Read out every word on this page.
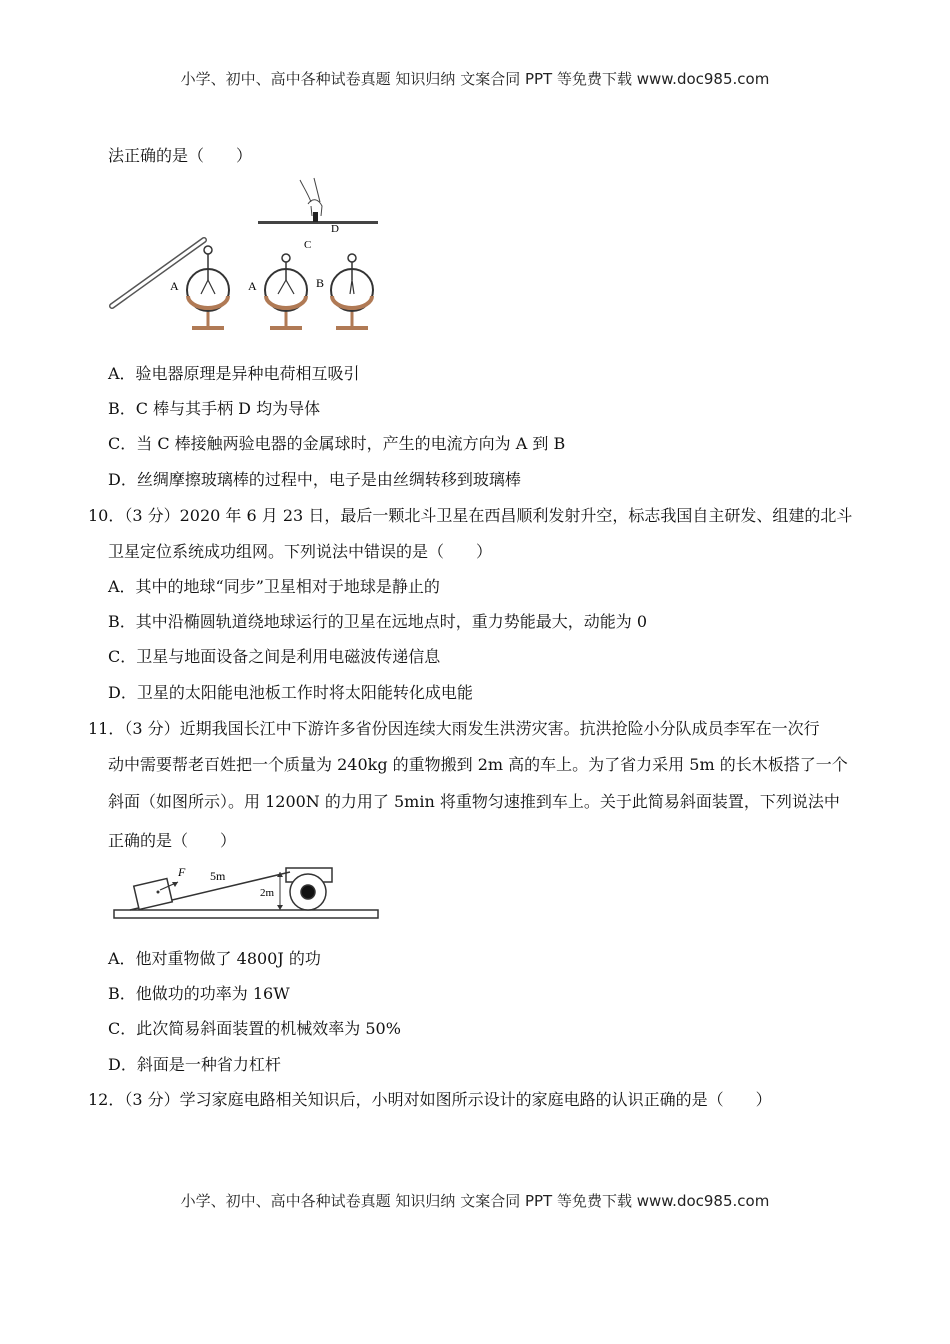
小学、初中、高中各种试卷真题 知识归纳 文案合同 PPT 等免费下载 www.doc985.com
法正确的是（　　）
D
C
A	A	B
A．验电器原理是异种电荷相互吸引
B．C 棒与其手柄 D 均为导体
C．当 C 棒接触两验电器的金属球时，产生的电流方向为 A 到 B
D．丝绸摩擦玻璃棒的过程中，电子是由丝绸转移到玻璃棒
10．（3 分）2020 年 6 月 23 日，最后一颗北斗卫星在西昌顺利发射升空，标志我国自主研发、组建的北斗
卫星定位系统成功组网。下列说法中错误的是（　　）
A．其中的地球“同步”卫星相对于地球是静止的
B．其中沿椭圆轨道绕地球运行的卫星在远地点时，重力势能最大，动能为 0
C．卫星与地面设备之间是利用电磁波传递信息
D．卫星的太阳能电池板工作时将太阳能转化成电能
11．（3 分）近期我国长江中下游许多省份因连续大雨发生洪涝灾害。抗洪抢险小分队成员李军在一次行
动中需要帮老百姓把一个质量为 240kg 的重物搬到 2m 高的车上。为了省力采用 5m 的长木板搭了一个
斜面（如图所示）。用 1200N 的力用了 5min 将重物匀速推到车上。关于此简易斜面装置，下列说法中
正确的是（　　）
F 5m
2m
A．他对重物做了 4800J 的功
B．他做功的功率为 16W
C．此次简易斜面装置的机械效率为 50%
D．斜面是一种省力杠杆
12．（3 分）学习家庭电路相关知识后，小明对如图所示设计的家庭电路的认识正确的是（　　）
小学、初中、高中各种试卷真题 知识归纳 文案合同 PPT 等免费下载 www.doc985.com
